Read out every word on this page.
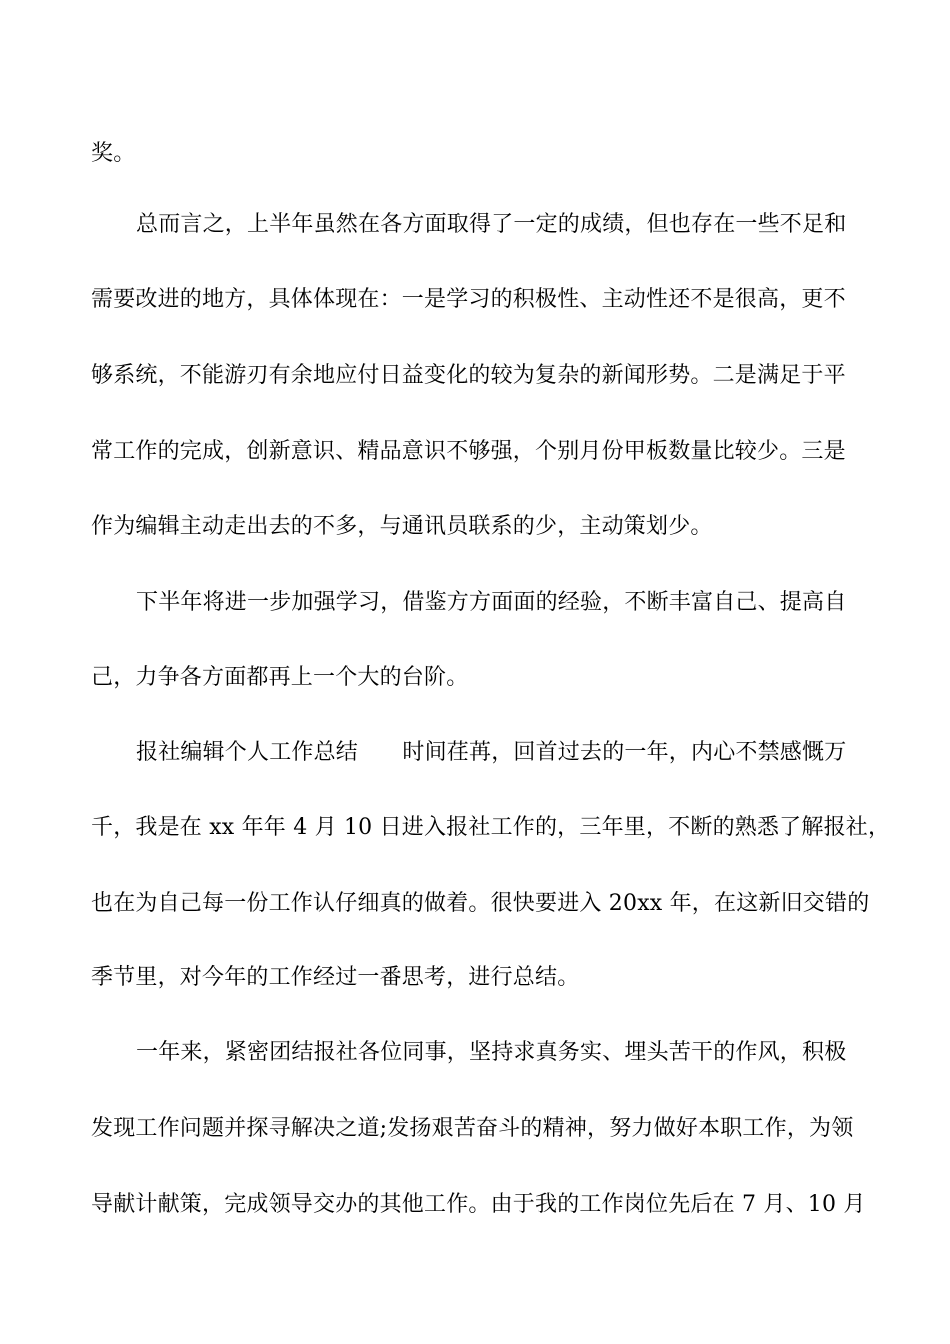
奖。
总而言之，上半年虽然在各方面取得了一定的成绩，但也存在一些不足和
需要改进的地方，具体体现在：一是学习的积极性、主动性还不是很高，更不
够系统，不能游刃有余地应付日益变化的较为复杂的新闻形势。二是满足于平
常工作的完成，创新意识、精品意识不够强，个别月份甲板数量比较少。三是
作为编辑主动走出去的不多，与通讯员联系的少，主动策划少。
下半年将进一步加强学习，借鉴方方面面的经验，不断丰富自己、提高自
己，力争各方面都再上一个大的台阶。
报社编辑个人工作总结　　时间荏苒，回首过去的一年，内心不禁感慨万
千，我是在 xx 年年 4 月 10 日进入报社工作的，三年里，不断的熟悉了解报社，
也在为自己每一份工作认仔细真的做着。很快要进入 20xx 年，在这新旧交错的
季节里，对今年的工作经过一番思考，进行总结。
一年来，紧密团结报社各位同事，坚持求真务实、埋头苦干的作风，积极
发现工作问题并探寻解决之道;发扬艰苦奋斗的精神，努力做好本职工作，为领
导献计献策，完成领导交办的其他工作。由于我的工作岗位先后在 7 月、10 月
